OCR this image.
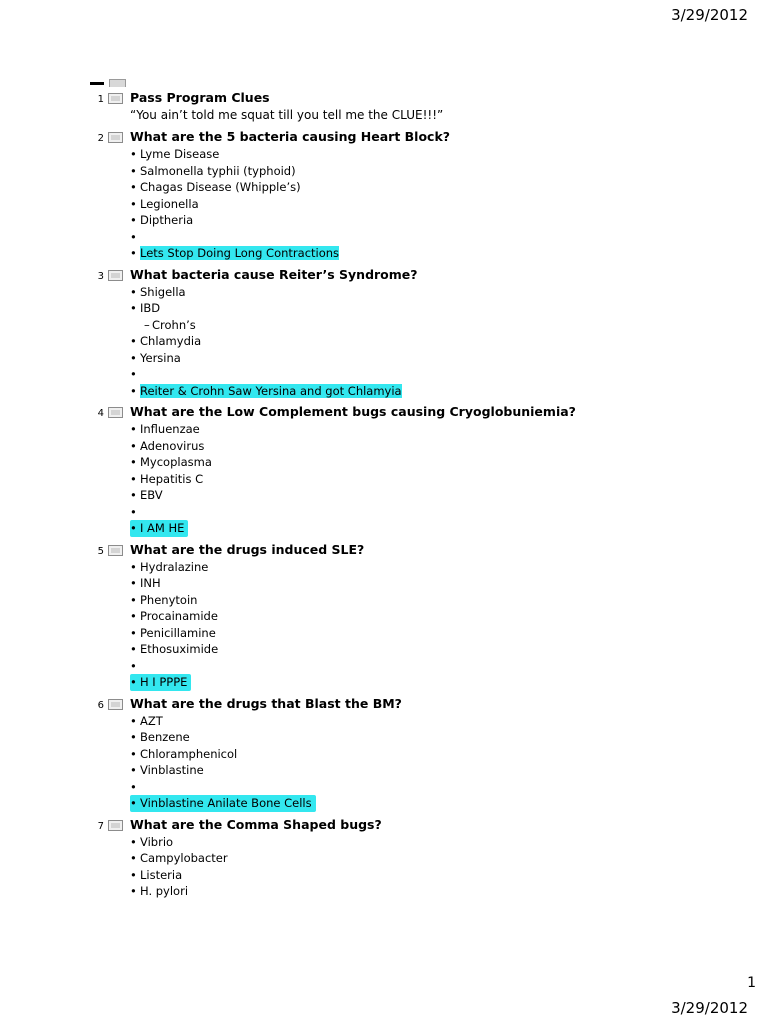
3/29/2012
1 Pass Program Clues
“You ain’t told me squat till you tell me the CLUE!!!”
2 What are the 5 bacteria causing Heart Block?
• Lyme Disease
• Salmonella typhii (typhoid)
• Chagas Disease (Whipple’s)
• Legionella
• Diptheria
•
• Lets Stop Doing Long Contractions
3 What bacteria cause Reiter’s Syndrome?
• Shigella
• IBD
– Crohn’s
• Chlamydia
• Yersina
•
• Reiter & Crohn Saw Yersina and got Chlamyia
4 What are the Low Complement bugs causing Cryoglobuniemia?
• Influenzae
• Adenovirus
• Mycoplasma
• Hepatitis C
• EBV
•
• I AM HE
5 What are the drugs induced SLE?
• Hydralazine
• INH
• Phenytoin
• Procainamide
• Penicillamine
• Ethosuximide
•
• H I PPPE
6 What are the drugs that Blast the BM?
• AZT
• Benzene
• Chloramphenicol
• Vinblastine
•
• Vinblastine Anilate Bone Cells
7 What are the Comma Shaped bugs?
• Vibrio
• Campylobacter
• Listeria
• H. pylori
1
3/29/2012
